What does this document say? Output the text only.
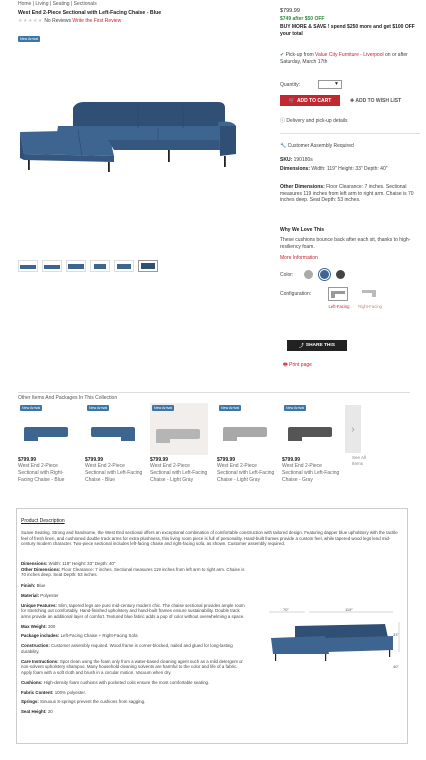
Home | Living | Seating | Sectionals
West End 2-Piece Sectional with Left-Facing Chaise - Blue
★★★★★ No Reviews Write the First Review
New Arrival
$799.99
$749 after $50 OFF
BUY MORE & SAVE ! spend $250 more and get $100 OFF your total
✔ Pick-up from Value City Furniture - Liverpool on or after Saturday, March 17th
Quantity:	▼
🛒 ADD TO CART	✚ ADD TO WISH LIST
ⓘ Delivery and pick-up details
🔧 Customer Assembly Required
SKU: 190180s
Dimensions: Width: 119" Height: 33" Depth: 40"
Other Dimensions: Floor Clearance: 7 inches. Sectional measures 119 inches from left arm to right arm. Chaise is 70 inches deep. Seat Depth: 53 inches.
Why We Love This
These cushions bounce back after each sit, thanks to high-resiliency foam.
More Information
Color:
Configuration:
Left-Facing	Right-Facing
⤴ SHARE THIS
🖶 Print page
Other Items And Packages In This Collection
New Arrival
$799.99
West End 2-Piece Sectional with Right-Facing Chaise - Blue
New Arrival
$799.99
West End 2-Piece Sectional with Left-Facing Chaise - Blue
New Arrival
$799.99
West End 2-Piece Sectional with Left-Facing Chaise - Light Gray
New Arrival
$799.99
West End 2-Piece Sectional with Left-Facing Chaise - Light Gray
New Arrival
$799.99
West End 2-Piece Sectional with Left-Facing Chaise - Gray
›
See All Items
Product Description
Suave Seating. Strong and handsome, the West End sectional offers an exceptional combination of comfortable construction with tailored design. Featuring dapper blue upholstery with the tactile feel of fresh linen, and cushioned double track arms for extra plushness, this living room piece is full of personality. Hand-built frames provide a custom feel, while tapered wood legs lend mid-century modern character. Two-piece sectional includes left-facing chaise and right-facing sofa, as shown. Customer assembly required.
Dimensions: Width: 119" Height: 33" Depth: 40"
Other Dimensions: Floor Clearance: 7 inches. Sectional measures 119 inches from left arm to right arm. Chaise is 70 inches deep. Seat Depth: 53 inches.
Finish: Blue
Material: Polyester
Unique Features: Slim, tapered legs are pure mid-century modern chic. The chaise sectional provides ample room for stretching out comfortably. Hand-finished upholstery and hand-built frames ensure sustainability. Double track arms provide an additional layer of comfort. Textured blue fabric adds a pop of color without overwhelming a space.
Max Weight: 300
Package includes: Left-Facing Chaise + Right-Facing Sofa
Construction: Customer assembly required. Wood frame is corner-blocked, nailed and glued for long-lasting durability.
Care Instructions: Spot clean using the foam only from a water-based cleaning agent such as a mild detergent or non-solvent upholstery shampoo. Many household cleaning solvents are harmful to the color and life of a fabric. Apply foam with a soft cloth and brush in a circular motion. Vacuum when dry.
Cushions: High-density foam cushions with pocketed coils ensure the most comfortable seating.
Fabric Content: 100% polyester.
Springs: Sinuous S-springs prevent the cushions from sagging.
Seat Height: 20
70"	119"
33"
40"
